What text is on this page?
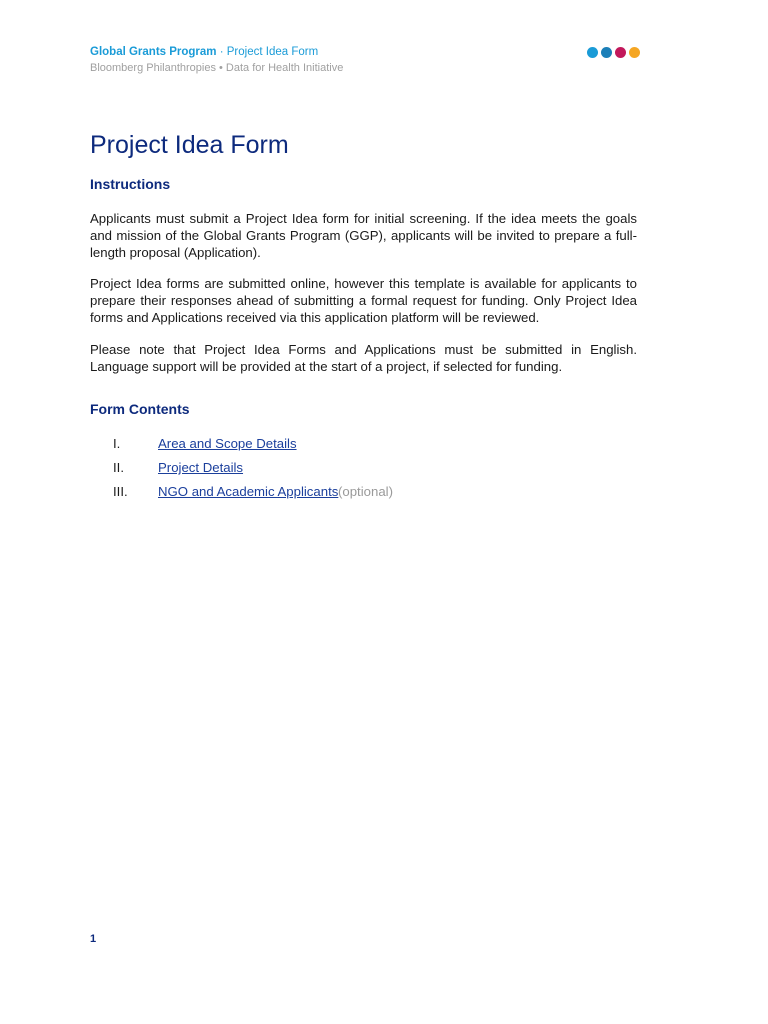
Global Grants Program · Project Idea Form
Bloomberg Philanthropies • Data for Health Initiative
Project Idea Form
Instructions

Applicants must submit a Project Idea form for initial screening. If the idea meets the goals and mission of the Global Grants Program (GGP), applicants will be invited to prepare a full-length proposal (Application).

Project Idea forms are submitted online, however this template is available for applicants to prepare their responses ahead of submitting a formal request for funding. Only Project Idea forms and Applications received via this application platform will be reviewed.

Please note that Project Idea Forms and Applications must be submitted in English. Language support will be provided at the start of a project, if selected for funding.

Form Contents
I.	Area and Scope Details
II.	Project Details
III. NGO and Academic Applicants (optional)
1
